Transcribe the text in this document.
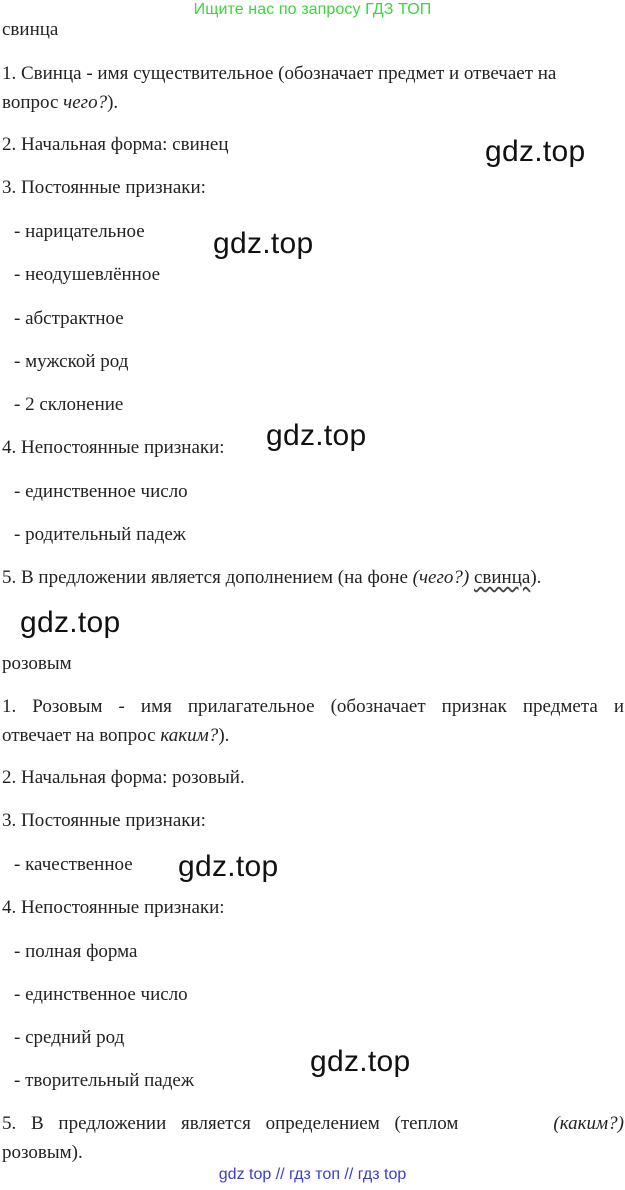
Ищите нас по запросу ГДЗ ТОП
свинца
1. Свинца - имя существительное (обозначает предмет и отвечает на
вопрос чего?).
2. Начальная форма: свинец
3. Постоянные признаки:
- нарицательное
- неодушевлённое
- абстрактное
- мужской род
- 2 склонение
4. Непостоянные признаки:
- единственное число
- родительный падеж
5. В предложении является дополнением (на фоне (чего?) свинца).
розовым
1. Розовым - имя прилагательное (обозначает признак предмета и
отвечает на вопрос каким?).
2. Начальная форма: розовый.
3. Постоянные признаки:
- качественное
4. Непостоянные признаки:
- полная форма
- единственное число
- средний род
- творительный падеж
5. В предложении является определением (теплом	(каким?)
розовым).
gdz.top
gdz.top
gdz.top
gdz.top
gdz.top
gdz.top
gdz top // гдз топ // гдз top
